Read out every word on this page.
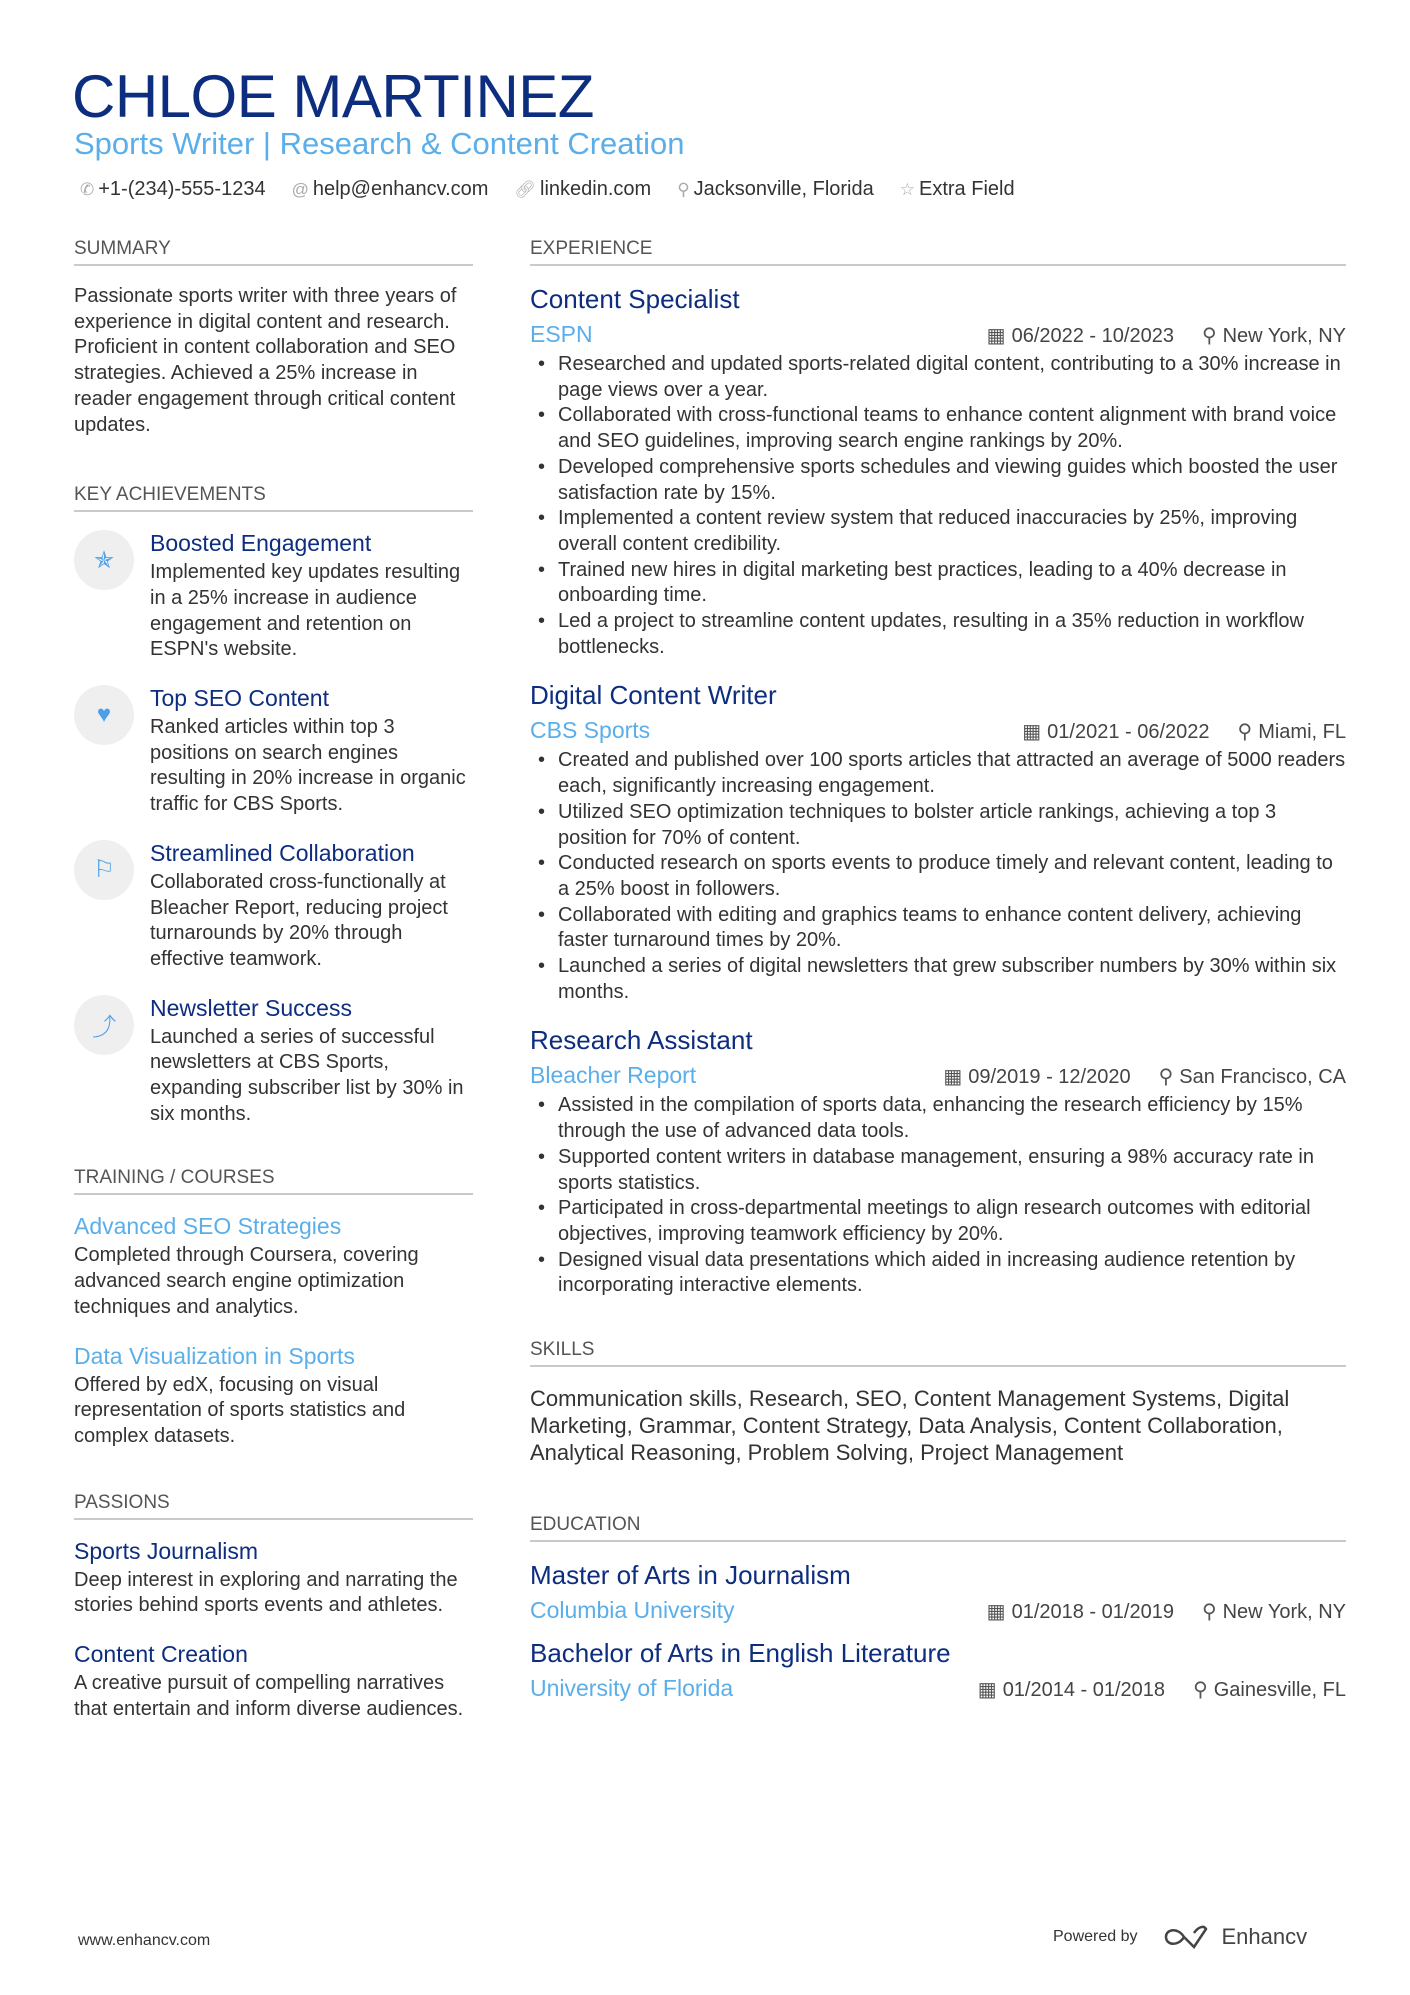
CHLOE MARTINEZ
Sports Writer | Research & Content Creation
✆ +1-(234)-555-1234 @ help@enhancv.com 🔗︎ linkedin.com ⚲ Jacksonville, Florida ☆ Extra Field
SUMMARY

Passionate sports writer with three years of experience in digital content and research. Proficient in content collaboration and SEO strategies. Achieved a 25% increase in reader engagement through critical content updates.

KEY ACHIEVEMENTS
✯
Boosted Engagement

Implemented key updates resulting in a 25% increase in audience engagement and retention on ESPN's website.

♥
Top SEO Content

Ranked articles within top 3 positions on search engines resulting in 20% increase in organic traffic for CBS Sports.

⚐
Streamlined Collaboration

Collaborated cross-functionally at Bleacher Report, reducing project turnarounds by 20% through effective teamwork.

⤴
Newsletter Success

Launched a series of successful newsletters at CBS Sports, expanding subscriber list by 30% in six months.

TRAINING / COURSES
Advanced SEO Strategies

Completed through Coursera, covering advanced search engine optimization techniques and analytics.

Data Visualization in Sports

Offered by edX, focusing on visual representation of sports statistics and complex datasets.

PASSIONS
Sports Journalism

Deep interest in exploring and narrating the stories behind sports events and athletes.

Content Creation

A creative pursuit of compelling narratives that entertain and inform diverse audiences.

EXPERIENCE
Content Specialist
ESPN	▦ 06/2022 - 10/2023 ⚲ New York, NY
• Researched and updated sports-related digital content, contributing to a 30% increase in page views over a year.
• Collaborated with cross-functional teams to enhance content alignment with brand voice and SEO guidelines, improving search engine rankings by 20%.
• Developed comprehensive sports schedules and viewing guides which boosted the user satisfaction rate by 15%.
• Implemented a content review system that reduced inaccuracies by 25%, improving overall content credibility.
• Trained new hires in digital marketing best practices, leading to a 40% decrease in onboarding time.
• Led a project to streamline content updates, resulting in a 35% reduction in workflow bottlenecks.
Digital Content Writer
CBS Sports	▦ 01/2021 - 06/2022 ⚲ Miami, FL
• Created and published over 100 sports articles that attracted an average of 5000 readers each, significantly increasing engagement.
• Utilized SEO optimization techniques to bolster article rankings, achieving a top 3 position for 70% of content.
• Conducted research on sports events to produce timely and relevant content, leading to a 25% boost in followers.
• Collaborated with editing and graphics teams to enhance content delivery, achieving faster turnaround times by 20%.
• Launched a series of digital newsletters that grew subscriber numbers by 30% within six months.
Research Assistant
Bleacher Report	▦ 09/2019 - 12/2020 ⚲ San Francisco, CA
• Assisted in the compilation of sports data, enhancing the research efficiency by 15% through the use of advanced data tools.
• Supported content writers in database management, ensuring a 98% accuracy rate in sports statistics.
• Participated in cross-departmental meetings to align research outcomes with editorial objectives, improving teamwork efficiency by 20%.
• Designed visual data presentations which aided in increasing audience retention by incorporating interactive elements.
SKILLS

Communication skills, Research, SEO, Content Management Systems, Digital Marketing, Grammar, Content Strategy, Data Analysis, Content Collaboration, Analytical Reasoning, Problem Solving, Project Management

EDUCATION
Master of Arts in Journalism
Columbia University	▦ 01/2018 - 01/2019 ⚲ New York, NY
Bachelor of Arts in English Literature
University of Florida	▦ 01/2014 - 01/2018 ⚲ Gainesville, FL
www.enhancv.com	Powered by	Enhancv
